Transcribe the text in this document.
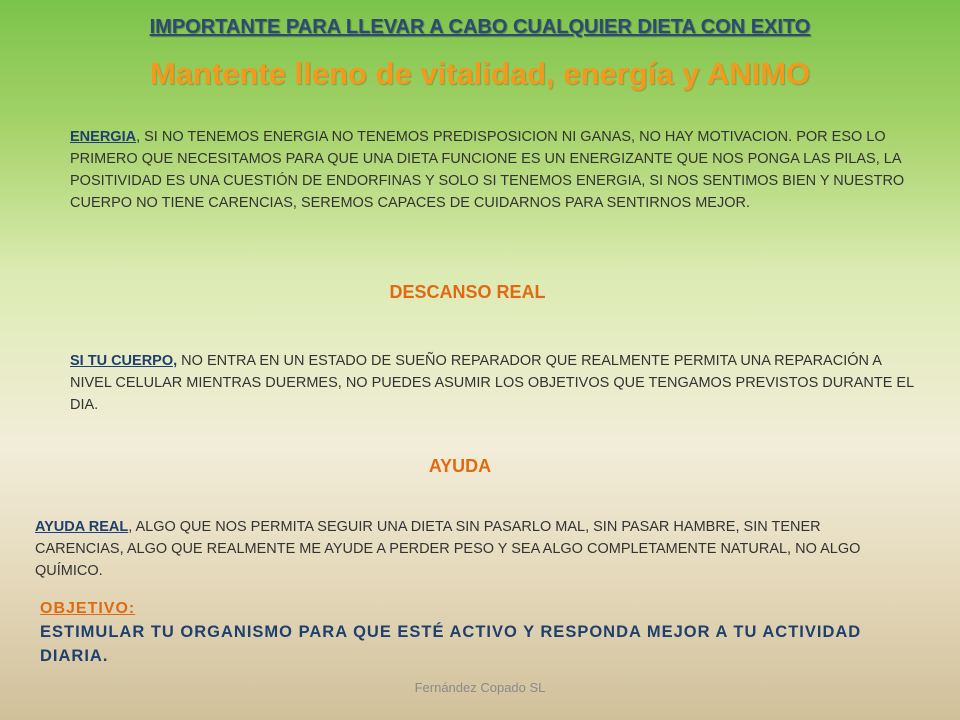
IMPORTANTE PARA LLEVAR A CABO CUALQUIER DIETA CON EXITO
Mantente lleno de vitalidad, energía y ANIMO

ENERGIA, SI NO TENEMOS ENERGIA NO TENEMOS PREDISPOSICION NI GANAS, NO HAY MOTIVACION. POR ESO LO PRIMERO QUE NECESITAMOS PARA QUE UNA DIETA FUNCIONE ES UN ENERGIZANTE QUE NOS PONGA LAS PILAS, LA POSITIVIDAD ES UNA CUESTIÓN DE ENDORFINAS Y SOLO SI TENEMOS ENERGIA, SI NOS SENTIMOS BIEN Y NUESTRO CUERPO NO TIENE CARENCIAS, SEREMOS CAPACES DE CUIDARNOS PARA SENTIRNOS MEJOR.

DESCANSO REAL

SI TU CUERPO, NO ENTRA EN UN ESTADO DE SUEÑO REPARADOR QUE REALMENTE PERMITA UNA REPARACIÓN A NIVEL CELULAR MIENTRAS DUERMES, NO PUEDES ASUMIR LOS OBJETIVOS QUE TENGAMOS PREVISTOS DURANTE EL DIA.

AYUDA

AYUDA REAL, ALGO QUE NOS PERMITA SEGUIR UNA DIETA SIN PASARLO MAL, SIN PASAR HAMBRE, SIN TENER CARENCIAS, ALGO QUE REALMENTE ME AYUDE A PERDER PESO Y SEA ALGO COMPLETAMENTE NATURAL, NO ALGO QUÍMICO.

OBJETIVO:

ESTIMULAR TU ORGANISMO PARA QUE ESTÉ ACTIVO Y RESPONDA MEJOR A TU ACTIVIDAD DIARIA.

Fernández Copado SL
